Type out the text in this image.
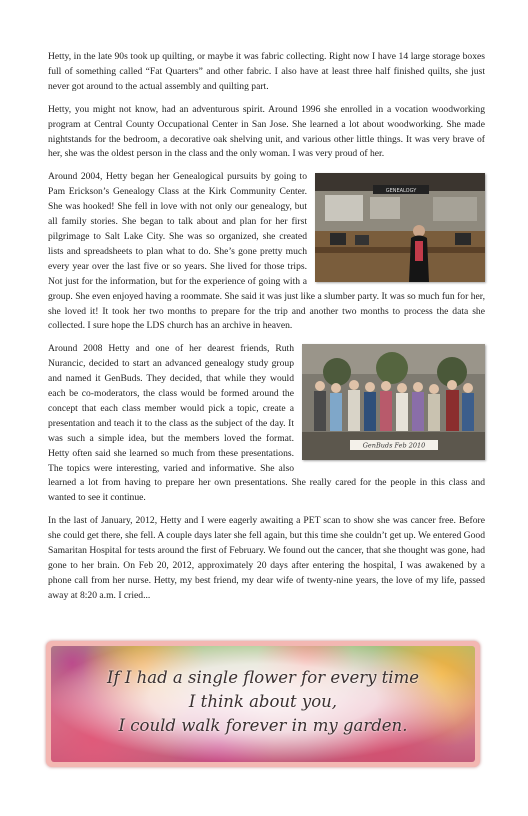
Hetty, in the late 90s took up quilting, or maybe it was fabric collecting. Right now I have 14 large storage boxes full of something called “Fat Quarters” and other fabric. I also have at least three half finished quilts, she just never got around to the actual assembly and quilting part.

Hetty, you might not know, had an adventurous spirit. Around 1996 she enrolled in a vocation woodworking program at Central County Occupational Center in San Jose. She learned a lot about woodworking. She made nightstands for the bedroom, a decorative oak shelving unit, and various other little things. It was very brave of her, she was the oldest person in the class and the only woman. I was very proud of her.

GENEALOGY

Around 2004, Hetty began her Genealogical pursuits by going to Pam Erickson’s Genealogy Class at the Kirk Community Center. She was hooked! She fell in love with not only our genealogy, but all family stories. She began to talk about and plan for her first pilgrimage to Salt Lake City. She was so organized, she created lists and spreadsheets to plan what to do. She’s gone pretty much every year over the last five or so years. She lived for those trips. Not just for the information, but for the experience of going with a group. She even enjoyed having a roommate. She said it was just like a slumber party. It was so much fun for her, she loved it! It took her two months to prepare for the trip and another two months to process the data she collected. I sure hope the LDS church has an archive in heaven.

GenBuds Feb 2010

Around 2008 Hetty and one of her dearest friends, Ruth Nurancic, decided to start an advanced genealogy study group and named it GenBuds. They decided, that while they would each be co-moderators, the class would be formed around the concept that each class member would pick a topic, create a presentation and teach it to the class as the subject of the day. It was such a simple idea, but the members loved the format. Hetty often said she learned so much from these presentations. The topics were interesting, varied and informative. She also learned a lot from having to prepare her own presentations. She really cared for the people in this class and wanted to see it continue.

In the last of January, 2012, Hetty and I were eagerly awaiting a PET scan to show she was cancer free. Before she could get there, she fell. A couple days later she fell again, but this time she couldn’t get up. We entered Good Samaritan Hospital for tests around the first of February. We found out the cancer, that she thought was gone, had gone to her brain. On Feb 20, 2012, approximately 20 days after entering the hospital, I was awakened by a phone call from her nurse. Hetty, my best friend, my dear wife of twenty-nine years, the love of my life, passed away at 8:20 a.m. I cried...

If I had a single flower for every time
I think about you,
I could walk forever in my garden.
